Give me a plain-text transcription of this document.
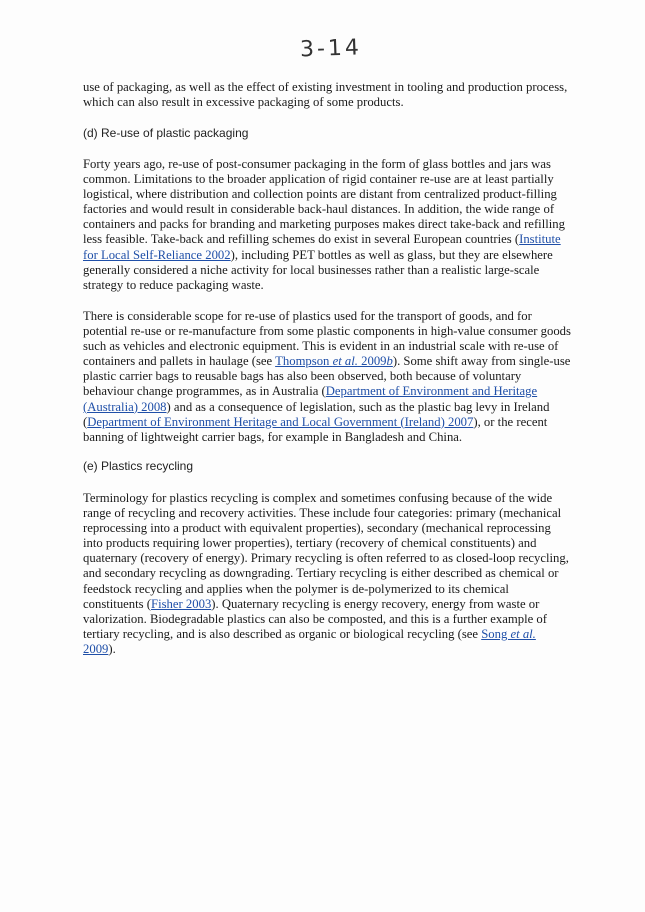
3-14

use of packaging, as well as the effect of existing investment in tooling and production process, which can also result in excessive packaging of some products.

(d) Re-use of plastic packaging

Forty years ago, re-use of post-consumer packaging in the form of glass bottles and jars was common. Limitations to the broader application of rigid container re-use are at least partially logistical, where distribution and collection points are distant from centralized product-filling factories and would result in considerable back-haul distances. In addition, the wide range of containers and packs for branding and marketing purposes makes direct take-back and refilling less feasible. Take-back and refilling schemes do exist in several European countries (Institute for Local Self-Reliance 2002), including PET bottles as well as glass, but they are elsewhere generally considered a niche activity for local businesses rather than a realistic large-scale strategy to reduce packaging waste.

There is considerable scope for re-use of plastics used for the transport of goods, and for potential re-use or re-manufacture from some plastic components in high-value consumer goods such as vehicles and electronic equipment. This is evident in an industrial scale with re-use of containers and pallets in haulage (see Thompson et al. 2009b). Some shift away from single-use plastic carrier bags to reusable bags has also been observed, both because of voluntary behaviour change programmes, as in Australia (Department of Environment and Heritage (Australia) 2008) and as a consequence of legislation, such as the plastic bag levy in Ireland (Department of Environment Heritage and Local Government (Ireland) 2007), or the recent banning of lightweight carrier bags, for example in Bangladesh and China.

(e) Plastics recycling

Terminology for plastics recycling is complex and sometimes confusing because of the wide range of recycling and recovery activities. These include four categories: primary (mechanical reprocessing into a product with equivalent properties), secondary (mechanical reprocessing into products requiring lower properties), tertiary (recovery of chemical constituents) and quaternary (recovery of energy). Primary recycling is often referred to as closed-loop recycling, and secondary recycling as downgrading. Tertiary recycling is either described as chemical or feedstock recycling and applies when the polymer is de-polymerized to its chemical constituents (Fisher 2003). Quaternary recycling is energy recovery, energy from waste or valorization. Biodegradable plastics can also be composted, and this is a further example of tertiary recycling, and is also described as organic or biological recycling (see Song et al. 2009).
